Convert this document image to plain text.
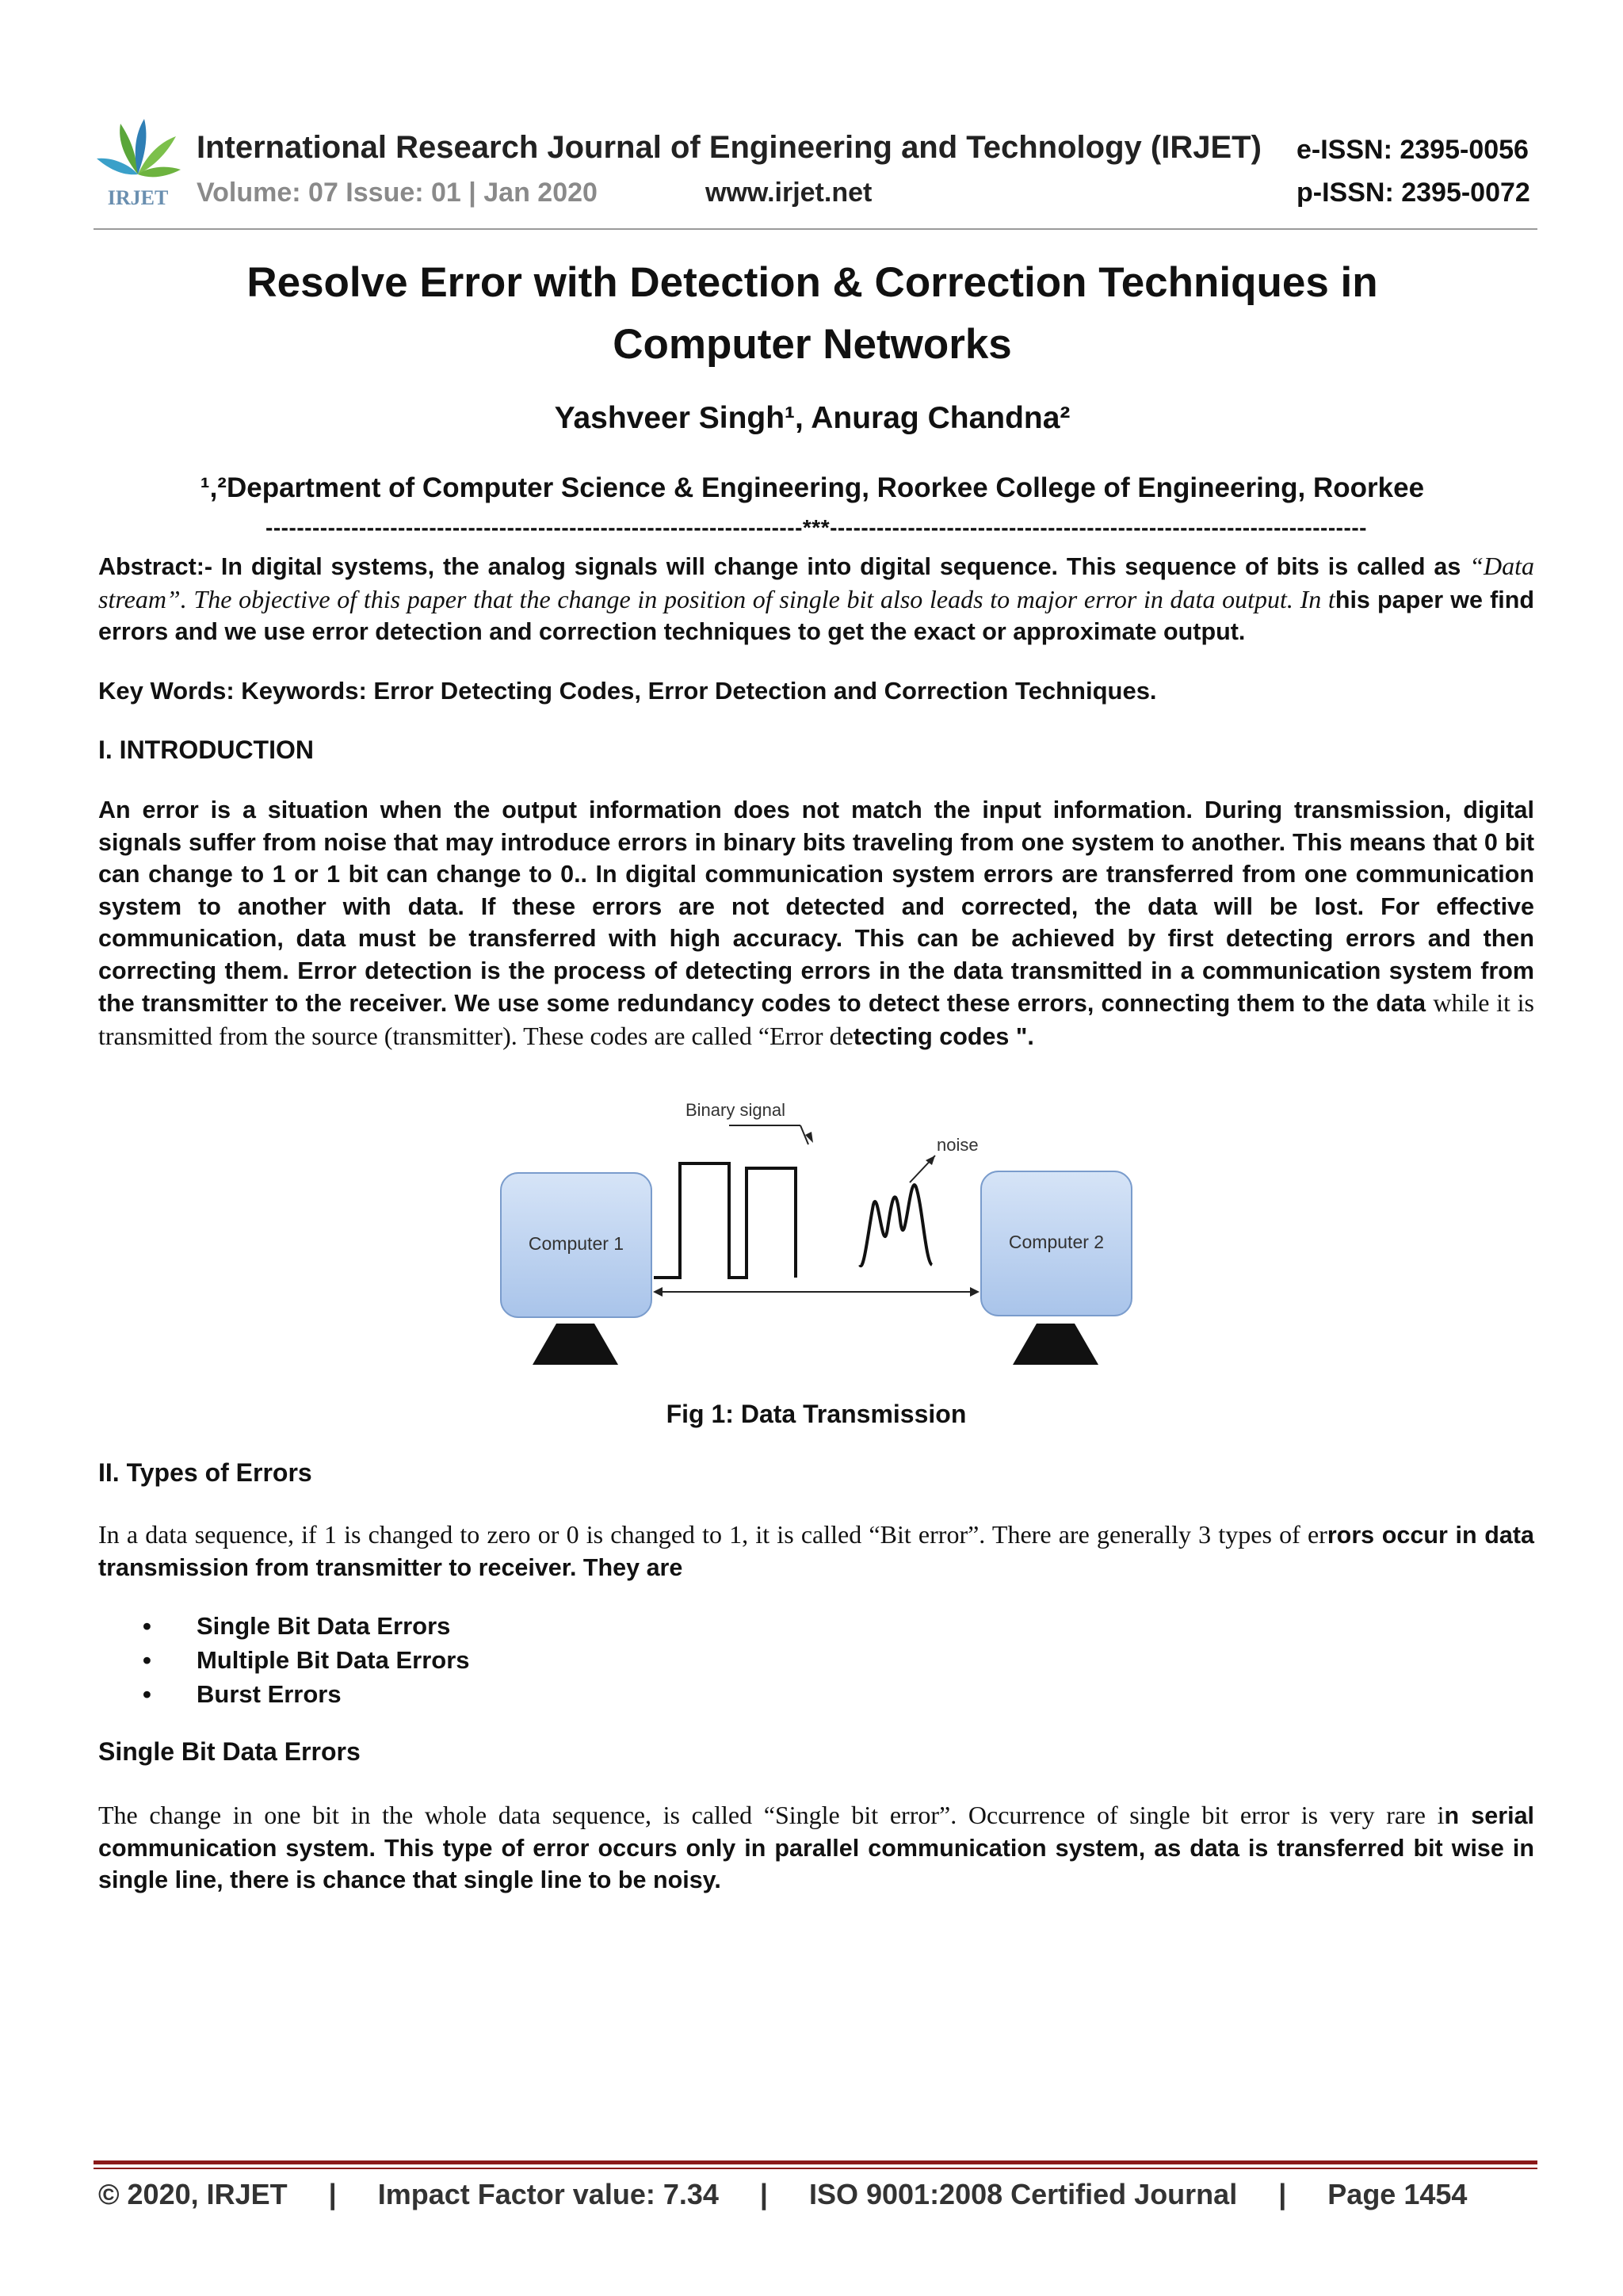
IRJET
International Research Journal of Engineering and Technology (IRJET) e-ISSN: 2395-0056
Volume: 07 Issue: 01 | Jan 2020	www.irjet.net	p-ISSN: 2395-0072
Resolve Error with Detection & Correction Techniques in
Computer Networks
Yashveer Singh¹, Anurag Chandna²
¹,²Department of Computer Science & Engineering, Roorkee College of Engineering, Roorkee
---------------------------------------------------------------------***---------------------------------------------------------------------
Abstract:- In digital systems, the analog signals will change into digital sequence. This sequence of bits is called as “Data stream”. The objective of this paper that the change in position of single bit also leads to major error in data output. In this paper we find errors and we use error detection and correction techniques to get the exact or approximate output.
Key Words: Keywords: Error Detecting Codes, Error Detection and Correction Techniques.
I. INTRODUCTION
An error is a situation when the output information does not match the input information. During transmission, digital signals suffer from noise that may introduce errors in binary bits traveling from one system to another. This means that 0 bit can change to 1 or 1 bit can change to 0.. In digital communication system errors are transferred from one communication system to another with data. If these errors are not detected and corrected, the data will be lost. For effective communication, data must be transferred with high accuracy. This can be achieved by first detecting errors and then correcting them. Error detection is the process of detecting errors in the data transmitted in a communication system from the transmitter to the receiver. We use some redundancy codes to detect these errors, connecting them to the data while it is transmitted from the source (transmitter). These codes are called “Error detecting codes ".
Binary signal
noise
Computer 1	Computer 2
Fig 1: Data Transmission
II. Types of Errors
In a data sequence, if 1 is changed to zero or 0 is changed to 1, it is called “Bit error”. There are generally 3 types of errors occur in data transmission from transmitter to receiver. They are
• Single Bit Data Errors
• Multiple Bit Data Errors
• Burst Errors
Single Bit Data Errors
The change in one bit in the whole data sequence, is called “Single bit error”. Occurrence of single bit error is very rare in serial communication system. This type of error occurs only in parallel communication system, as data is transferred bit wise in single line, there is chance that single line to be noisy.
© 2020, IRJET | Impact Factor value: 7.34 | ISO 9001:2008 Certified Journal | Page 1454
